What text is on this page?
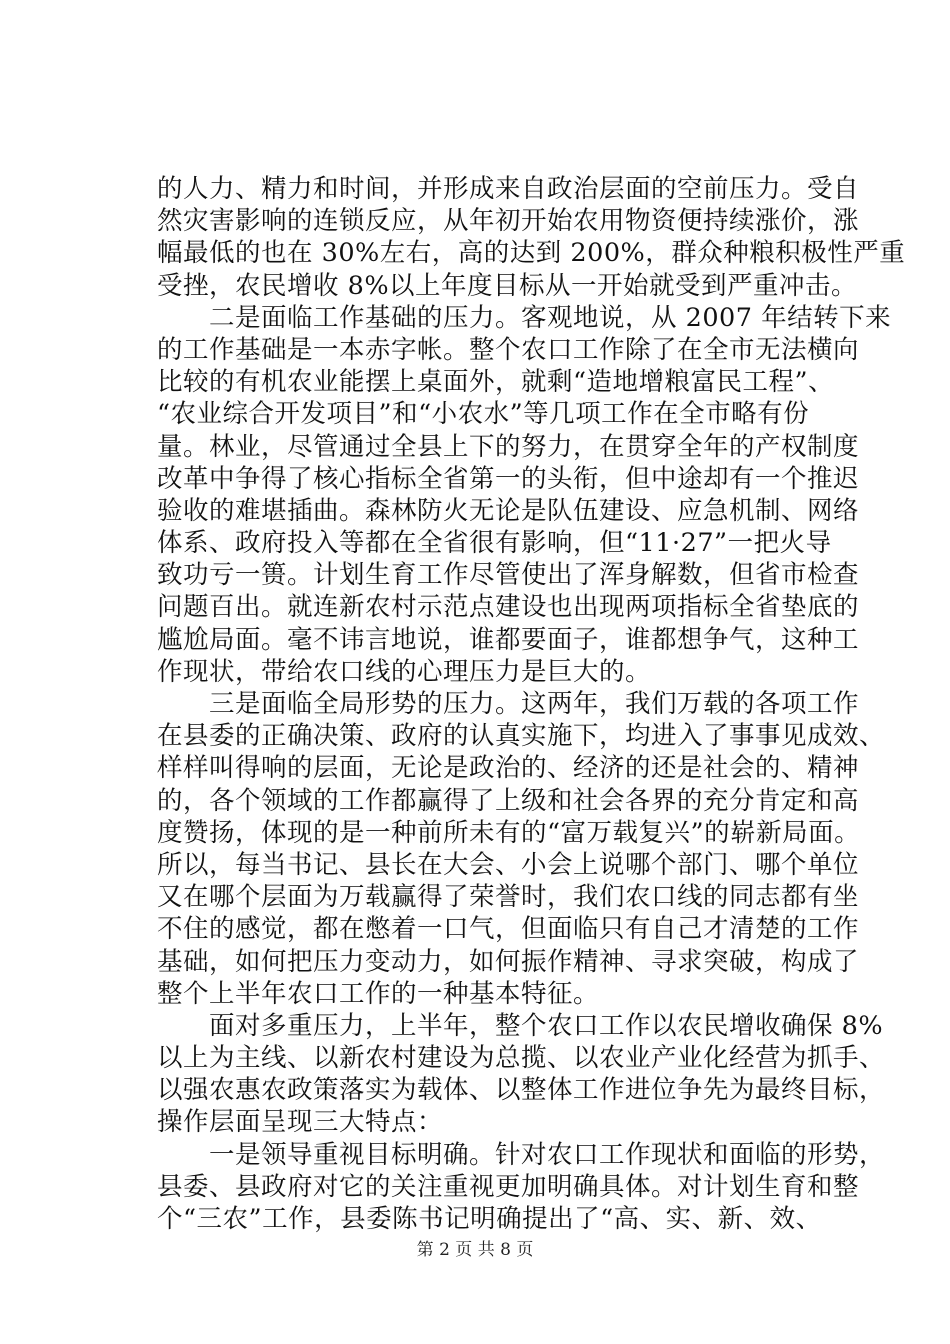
的人力、精力和时间，并形成来自政治层面的空前压力。受自
然灾害影响的连锁反应，从年初开始农用物资便持续涨价，涨
幅最低的也在 30%左右，高的达到 200%，群众种粮积极性严重
受挫，农民增收 8%以上年度目标从一开始就受到严重冲击。
　　二是面临工作基础的压力。客观地说，从 2007 年结转下来
的工作基础是一本赤字帐。整个农口工作除了在全市无法横向
比较的有机农业能摆上桌面外，就剩“造地增粮富民工程”、
“农业综合开发项目”和“小农水”等几项工作在全市略有份
量。林业，尽管通过全县上下的努力，在贯穿全年的产权制度
改革中争得了核心指标全省第一的头衔，但中途却有一个推迟
验收的难堪插曲。森林防火无论是队伍建设、应急机制、网络
体系、政府投入等都在全省很有影响，但“11·27”一把火导
致功亏一篑。计划生育工作尽管使出了浑身解数，但省市检查
问题百出。就连新农村示范点建设也出现两项指标全省垫底的
尴尬局面。毫不讳言地说，谁都要面子，谁都想争气，这种工
作现状，带给农口线的心理压力是巨大的。
　　三是面临全局形势的压力。这两年，我们万载的各项工作
在县委的正确决策、政府的认真实施下，均进入了事事见成效、
样样叫得响的层面，无论是政治的、经济的还是社会的、精神
的，各个领域的工作都赢得了上级和社会各界的充分肯定和高
度赞扬，体现的是一种前所未有的“富万载复兴”的崭新局面。
所以，每当书记、县长在大会、小会上说哪个部门、哪个单位
又在哪个层面为万载赢得了荣誉时，我们农口线的同志都有坐
不住的感觉，都在憋着一口气，但面临只有自己才清楚的工作
基础，如何把压力变动力，如何振作精神、寻求突破，构成了
整个上半年农口工作的一种基本特征。
　　面对多重压力，上半年，整个农口工作以农民增收确保 8%
以上为主线、以新农村建设为总揽、以农业产业化经营为抓手、
以强农惠农政策落实为载体、以整体工作进位争先为最终目标，
操作层面呈现三大特点：
　　一是领导重视目标明确。针对农口工作现状和面临的形势，
县委、县政府对它的关注重视更加明确具体。对计划生育和整
个“三农”工作，县委陈书记明确提出了“高、实、新、效、
第 2 页 共 8 页
